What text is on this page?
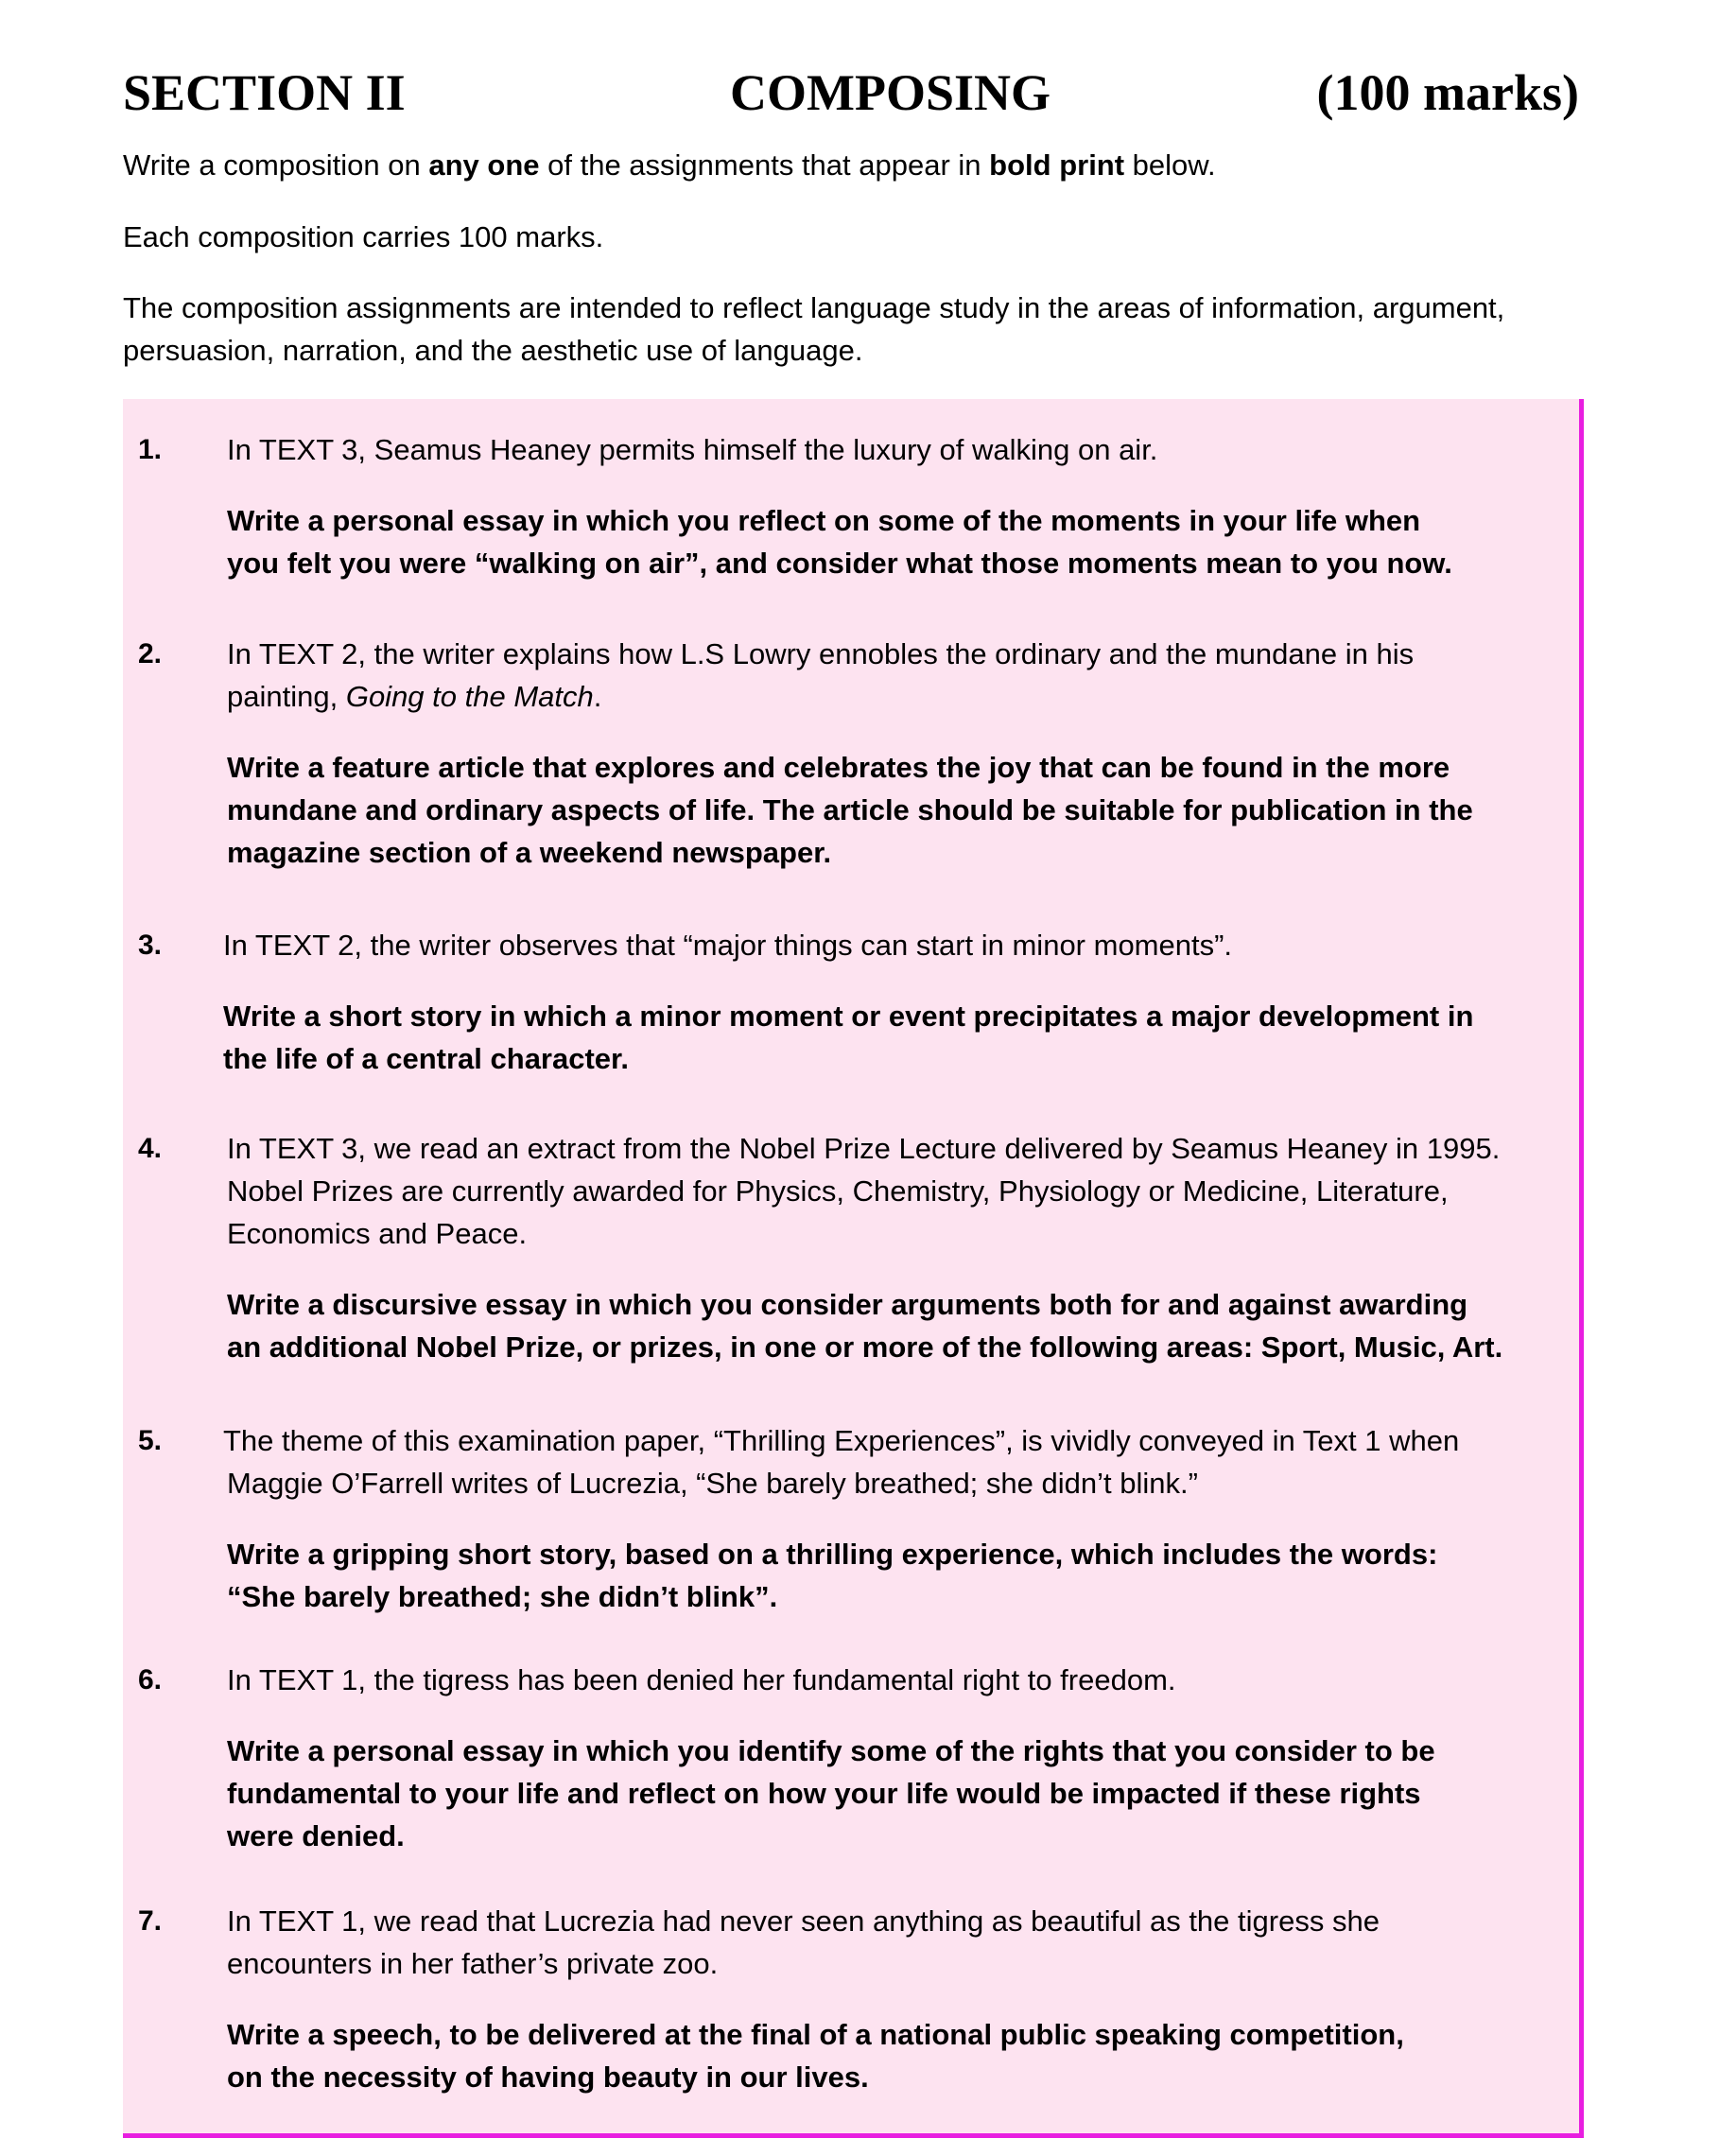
SECTION II	COMPOSING	(100 marks)
Write a composition on any one of the assignments that appear in bold print below.
Each composition carries 100 marks.
The composition assignments are intended to reflect language study in the areas of information, argument,
persuasion, narration, and the aesthetic use of language.
1. In TEXT 3, Seamus Heaney permits himself the luxury of walking on air.
Write a personal essay in which you reflect on some of the moments in your life when
you felt you were “walking on air”, and consider what those moments mean to you now.
2. In TEXT 2, the writer explains how L.S Lowry ennobles the ordinary and the mundane in his
painting, Going to the Match.
Write a feature article that explores and celebrates the joy that can be found in the more
mundane and ordinary aspects of life. The article should be suitable for publication in the
magazine section of a weekend newspaper.
3. In TEXT 2, the writer observes that “major things can start in minor moments”.
Write a short story in which a minor moment or event precipitates a major development in
the life of a central character.
4. In TEXT 3, we read an extract from the Nobel Prize Lecture delivered by Seamus Heaney in 1995.
Nobel Prizes are currently awarded for Physics, Chemistry, Physiology or Medicine, Literature,
Economics and Peace.
Write a discursive essay in which you consider arguments both for and against awarding
an additional Nobel Prize, or prizes, in one or more of the following areas: Sport, Music, Art.
5. The theme of this examination paper, “Thrilling Experiences”, is vividly conveyed in Text 1 when
Maggie O’Farrell writes of Lucrezia, “She barely breathed; she didn’t blink.”
Write a gripping short story, based on a thrilling experience, which includes the words:
“She barely breathed; she didn’t blink”.
6. In TEXT 1, the tigress has been denied her fundamental right to freedom.
Write a personal essay in which you identify some of the rights that you consider to be
fundamental to your life and reflect on how your life would be impacted if these rights
were denied.
7. In TEXT 1, we read that Lucrezia had never seen anything as beautiful as the tigress she
encounters in her father’s private zoo.
Write a speech, to be delivered at the final of a national public speaking competition,
on the necessity of having beauty in our lives.
